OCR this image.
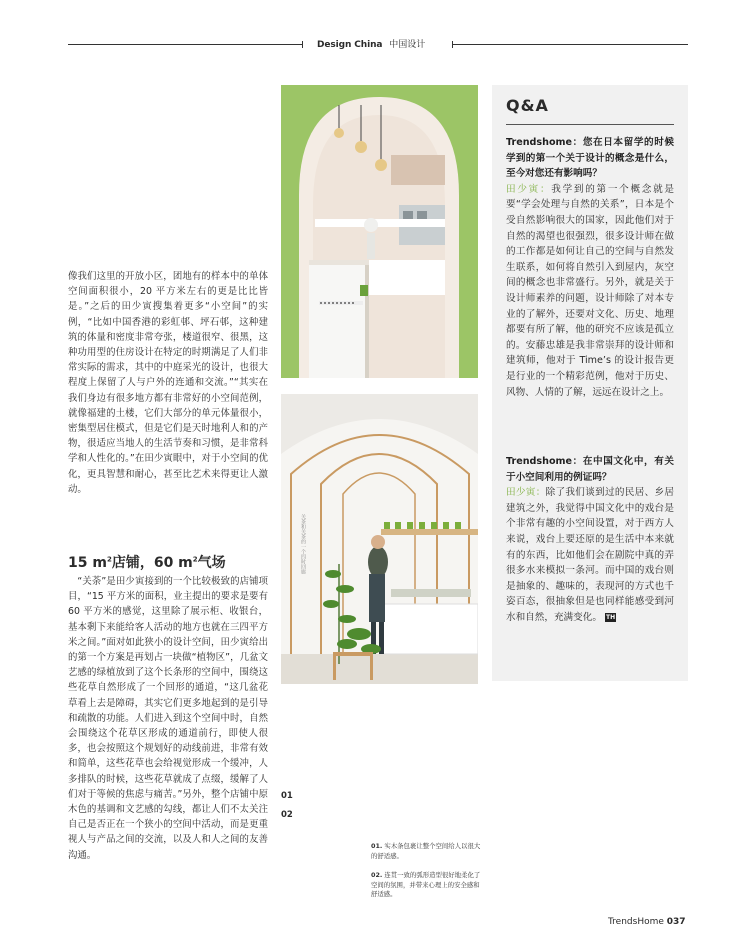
Design China 中国设计

像我们这里的开放小区，团地有的样本中的单体空间面积很小，20 平方米左右的更是比比皆是。”之后的田少寅搜集着更多“小空间”的实例，“比如中国香港的彩虹邨、坪石邨，这种建筑的体量和密度非常夸张，楼道很窄、很黑，这种功用型的住房设计在特定的时期满足了人们非常实际的需求，其中的中庭采光的设计，也很大程度上保留了人与户外的连通和交流。”“其实在我们身边有很多地方都有非常好的小空间范例，就像福建的土楼，它们大部分的单元体量很小，密集型居住模式，但是它们是天时地利人和的产物，很适应当地人的生活节奏和习惯，是非常科学和人性化的。”在田少寅眼中，对于小空间的优化，更具智慧和耐心，甚至比艺术来得更让人激动。

15 $m^2$店铺，60 $m^2$气场

“关荼”是田少寅接到的一个比较极致的店铺项目，“15 平方米的面积，业主提出的要求是要有 60 平方米的感觉，这里除了展示柜、收银台，基本剩下来能给客人活动的地方也就在三四平方米之间。”面对如此狭小的设计空间，田少寅给出的第一个方案是再划占一块做“植物区”，几盆文艺感的绿植放到了这个长条形的空间中，围绕这些花草自然形成了一个回形的通道，“这几盆花草看上去是障碍，其实它们更多地起到的是引导和疏散的功能。人们进入到这个空间中时，自然会围绕这个花草区形成的通道前行，即使人很多，也会按照这个规划好的动线前进，非常有效和简单，这些花草也会给视觉形成一个缓冲，人多排队的时候，这些花草就成了点缀，缓解了人们对于等候的焦虑与痛苦。”另外，整个店铺中原木色的基调和文艺感的勾线，都让人们不太关注自己是否正在一个狭小的空间中活动，而是更重视人与产品之间的交流，以及人和人之间的友善沟通。

关茶和关茶的一个四时回廊
01
02
01. 实木条包裹让整个空间给人以很大的舒适感。
02. 连贯一致的弧形造型很好地柔化了空间的氛围，并带来心理上的安全感和舒适感。
Q&A
Trendshome：您在日本留学的时候学到的第一个关于设计的概念是什么，至今对您还有影响吗？
田少寅：我学到的第一个概念就是要“学会处理与自然的关系”，日本是个受自然影响很大的国家，因此他们对于自然的渴望也很强烈，很多设计师在做的工作都是如何让自己的空间与自然发生联系，如何将自然引入到屋内，灰空间的概念也非常盛行。另外，就是关于设计师素养的问题，设计师除了对本专业的了解外，还要对文化、历史、地理都要有所了解，他的研究不应该是孤立的。安藤忠雄是我非常崇拜的设计师和建筑师，他对于 Time’s 的设计报告更是行业的一个精彩范例，他对于历史、风物、人情的了解，远远在设计之上。
Trendshome：在中国文化中，有关于小空间利用的例证吗？
田少寅：除了我们谈到过的民居、乡居建筑之外，我觉得中国文化中的戏台是个非常有趣的小空间设置，对于西方人来说，戏台上要还原的是生活中本来就有的东西，比如他们会在剧院中真的弄很多水来模拟一条河。而中国的戏台则是抽象的、趣味的，表现河的方式也千姿百态，很抽象但是也同样能感受到河水和自然，充满变化。 TH
TrendsHome 037
